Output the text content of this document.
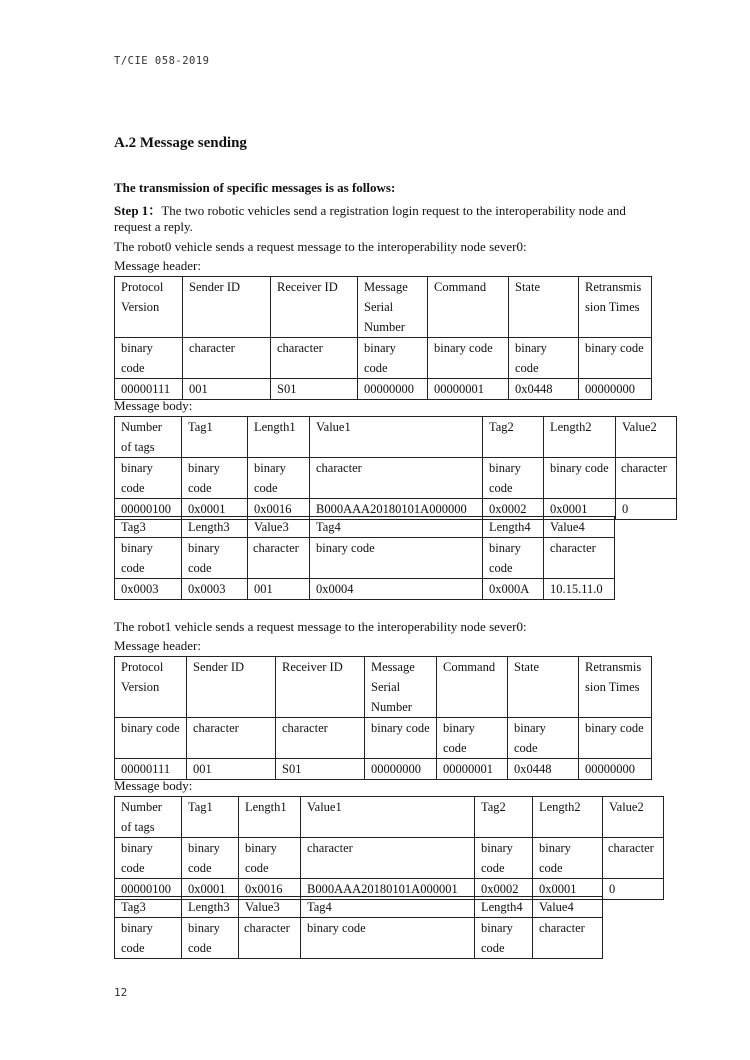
T/CIE 058-2019
A.2 Message sending
The transmission of specific messages is as follows:
Step 1：The two robotic vehicles send a registration login request to the interoperability node and
request a reply.
The robot0 vehicle sends a request message to the interoperability node sever0:
Message header:
Protocol Version	Sender ID	Receiver ID	Message Serial Number	Command	State	Retransmission Times
binary code	character	character	binary code	binary code	binary code	binary code
00000111	001	S01	00000000	00000001	0x0448	00000000
Message body:
Number of tags	Tag1	Length1	Value1	Tag2	Length2	Value2
binary code	binary code	binary code	character	binary code	binary code	character
00000100	0x0001	0x0016	B000AAA20180101A000000	0x0002	0x0001	0
Tag3	Length3	Value3	Tag4	Length4	Value4
binary code	binary code	character	binary code	binary code	character
0x0003	0x0003	001	0x0004	0x000A	10.15.11.0
The robot1 vehicle sends a request message to the interoperability node sever0:
Message header:
Protocol Version	Sender ID	Receiver ID	Message Serial Number	Command	State	Retransmission Times
binary code	character	character	binary code	binary code	binary code	binary code
00000111	001	S01	00000000	00000001	0x0448	00000000
Message body:
Number of tags	Tag1	Length1	Value1	Tag2	Length2	Value2
binary code	binary code	binary code	character	binary code	binary code	character
00000100	0x0001	0x0016	B000AAA20180101A000001	0x0002	0x0001	0
Tag3	Length3	Value3	Tag4	Length4	Value4
binary code	binary code	character	binary code	binary code	character
12
